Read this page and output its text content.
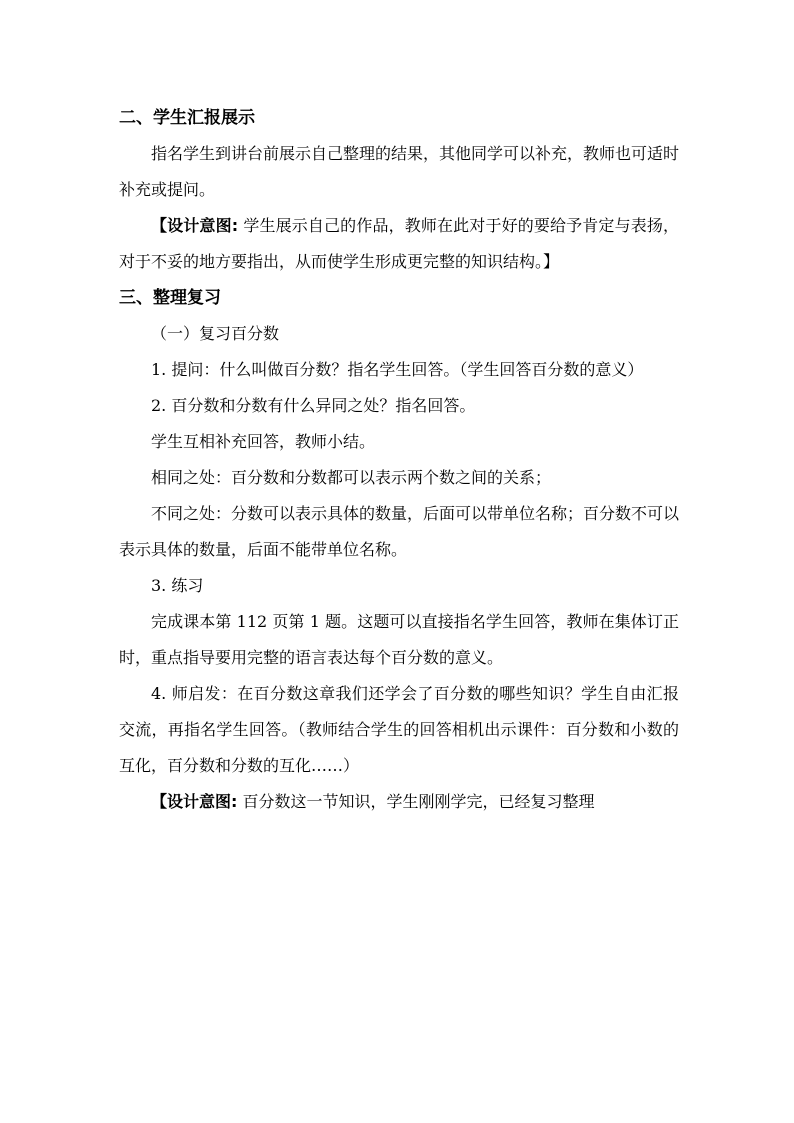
二、学生汇报展示

指名学生到讲台前展示自己整理的结果，其他同学可以补充，教师也可适时补充或提问。

【设计意图: 学生展示自己的作品，教师在此对于好的要给予肯定与表扬，对于不妥的地方要指出，从而使学生形成更完整的知识结构。】

三、整理复习

（一）复习百分数

1. 提问：什么叫做百分数？指名学生回答。（学生回答百分数的意义）

2. 百分数和分数有什么异同之处？指名回答。

学生互相补充回答，教师小结。

相同之处：百分数和分数都可以表示两个数之间的关系；

不同之处：分数可以表示具体的数量，后面可以带单位名称；百分数不可以表示具体的数量，后面不能带单位名称。

3. 练习

完成课本第 112 页第 1 题。这题可以直接指名学生回答，教师在集体订正时，重点指导要用完整的语言表达每个百分数的意义。

4. 师启发：在百分数这章我们还学会了百分数的哪些知识？学生自由汇报交流，再指名学生回答。（教师结合学生的回答相机出示课件：百分数和小数的互化，百分数和分数的互化……）

【设计意图: 百分数这一节知识，学生刚刚学完，已经复习整理
